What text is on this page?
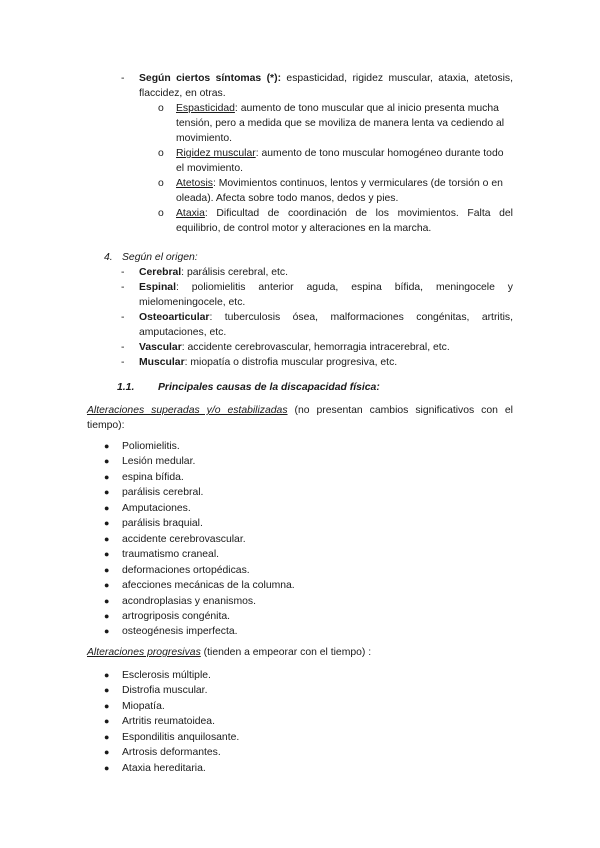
- Según ciertos síntomas (*): espasticidad, rigidez muscular, ataxia, atetosis,
flaccidez, en otras.
o Espasticidad: aumento de tono muscular que al inicio presenta mucha
tensión, pero a medida que se moviliza de manera lenta va cediendo al
movimiento.
o Rigidez muscular: aumento de tono muscular homogéneo durante todo
el movimiento.
o Atetosis: Movimientos continuos, lentos y vermiculares (de torsión o en
oleada). Afecta sobre todo manos, dedos y pies.
o Ataxia: Dificultad de coordinación de los movimientos. Falta del
equilibrio, de control motor y alteraciones en la marcha.
4. Según el origen:
- Cerebral: parálisis cerebral, etc.
- Espinal: poliomielitis anterior aguda, espina bífida, meningocele y
mielomeningocele, etc.
- Osteoarticular: tuberculosis ósea, malformaciones congénitas, artritis,
amputaciones, etc.
- Vascular: accidente cerebrovascular, hemorragia intracerebral, etc.
- Muscular: miopatía o distrofia muscular progresiva, etc.
1.1. Principales causas de la discapacidad física:
Alteraciones superadas y/o estabilizadas (no presentan cambios significativos con el
tiempo):
● Poliomielitis.
● Lesión medular.
● espina bífida.
● parálisis cerebral.
● Amputaciones.
● parálisis braquial.
● accidente cerebrovascular.
● traumatismo craneal.
● deformaciones ortopédicas.
● afecciones mecánicas de la columna.
● acondroplasias y enanismos.
● artrogriposis congénita.
● osteogénesis imperfecta.
Alteraciones progresivas (tienden a empeorar con el tiempo) :
● Esclerosis múltiple.
● Distrofia muscular.
● Miopatía.
● Artritis reumatoidea.
● Espondilitis anquilosante.
● Artrosis deformantes.
● Ataxia hereditaria.
